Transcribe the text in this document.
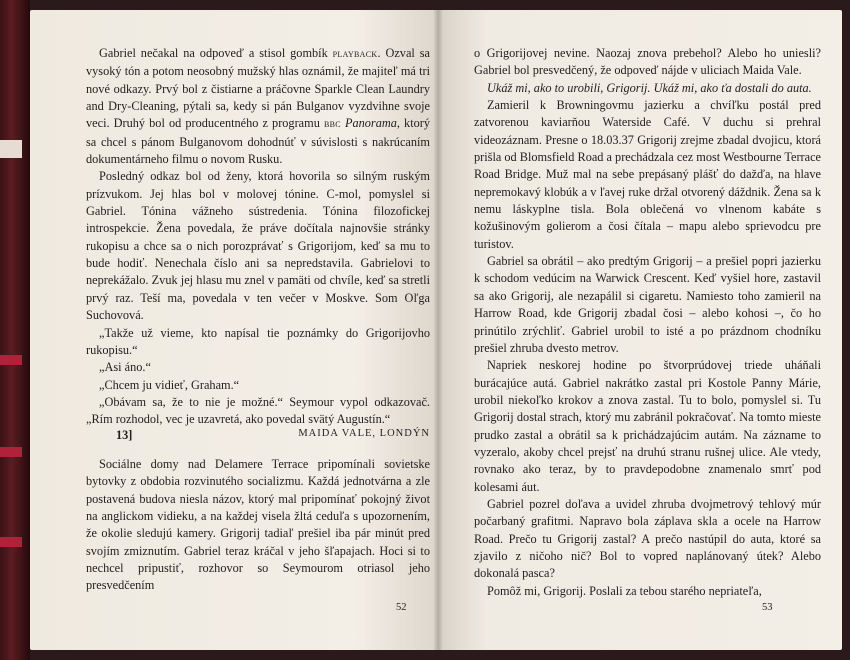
Gabriel nečakal na odpoveď a stisol gombík playback. Ozval sa vysoký tón a potom neosobný mužský hlas oznámil, že majiteľ má tri nové odkazy. Prvý bol z čistiarne a práčovne Sparkle Clean Laundry and Dry-Cleaning, pýtali sa, kedy si pán Bulganov vyzdvihne svoje veci. Druhý bol od producentného z programu bbc Panorama, ktorý sa chcel s pánom Bulganovom dohodnúť v súvislosti s nakrúcaním dokumentárneho filmu o novom Rusku.

Posledný odkaz bol od ženy, ktorá hovorila so silným ruským prízvukom. Jej hlas bol v molovej tónine. C-mol, pomyslel si Gabriel. Tónina vážneho sústredenia. Tónina filozofickej introspekcie. Žena povedala, že práve dočítala najnovšie stránky rukopisu a chce sa o nich porozprávať s Grigorijom, keď sa mu to bude hodiť. Nenechala číslo ani sa nepredstavila. Gabrielovi to neprekážalo. Zvuk jej hlasu mu znel v pamäti od chvíle, keď sa stretli prvý raz. Teší ma, povedala v ten večer v Moskve. Som Oľga Suchovová.

„Takže už vieme, kto napísal tie poznámky do Grigorijovho rukopisu.“

„Asi áno.“

„Chcem ju vidieť, Graham.“

„Obávam sa, že to nie je možné.“ Seymour vypol odkazovač. „Rím rozhodol, vec je uzavretá, ako povedal svätý Augustín.“

13]	MAIDA VALE, LONDÝN

Sociálne domy nad Delamere Terrace pripomínali sovietske bytovky z obdobia rozvinutého socializmu. Každá jednotvárna a zle postavená budova niesla názov, ktorý mal pripomínať pokojný život na anglickom vidieku, a na každej visela žltá ceduľa s upozornením, že okolie sledujú kamery. Grigorij tadiaľ prešiel iba pár minút pred svojím zmiznutím. Gabriel teraz kráčal v jeho šľapajach. Hoci si to nechcel pripustiť, rozhovor so Seymourom otriasol jeho presvedčením

52

o Grigorijovej nevine. Naozaj znova prebehol? Alebo ho uniesli? Gabriel bol presvedčený, že odpoveď nájde v uliciach Maida Vale.

Ukáž mi, ako to urobili, Grigorij. Ukáž mi, ako ťa dostali do auta.

Zamieril k Browningovmu jazierku a chvíľku postál pred zatvorenou kaviarňou Waterside Café. V duchu si prehral videozáznam. Presne o 18.03.37 Grigorij zrejme zbadal dvojicu, ktorá prišla od Blomsfield Road a prechádzala cez most Westbourne Terrace Road Bridge. Muž mal na sebe prepásaný plášť do dažďa, na hlave nepremokavý klobúk a v ľavej ruke držal otvorený dáždnik. Žena sa k nemu láskyplne tisla. Bola oblečená vo vlnenom kabáte s kožušinovým golierom a čosi čítala – mapu alebo sprievodcu pre turistov.

Gabriel sa obrátil – ako predtým Grigorij – a prešiel popri jazierku k schodom vedúcim na Warwick Crescent. Keď vyšiel hore, zastavil sa ako Grigorij, ale nezapálil si cigaretu. Namiesto toho zamieril na Harrow Road, kde Grigorij zbadal čosi – alebo kohosi –, čo ho prinútilo zrýchliť. Gabriel urobil to isté a po prázdnom chodníku prešiel zhruba dvesto metrov.

Napriek neskorej hodine po štvorprúdovej triede uháňali burácajúce autá. Gabriel nakrátko zastal pri Kostole Panny Márie, urobil niekoľko krokov a znova zastal. Tu to bolo, pomyslel si. Tu Grigorij dostal strach, ktorý mu zabránil pokračovať. Na tomto mieste prudko zastal a obrátil sa k prichádzajúcim autám. Na zázname to vyzeralo, akoby chcel prejsť na druhú stranu rušnej ulice. Ale vtedy, rovnako ako teraz, by to pravdepodobne znamenalo smrť pod kolesami áut.

Gabriel pozrel doľava a uvidel zhruba dvojmetrový tehlový múr počarbaný grafitmi. Napravo bola záplava skla a ocele na Harrow Road. Prečo tu Grigorij zastal? A prečo nastúpil do auta, ktoré sa zjavilo z ničoho nič? Bol to vopred naplánovaný útek? Alebo dokonalá pasca?

Pomôž mi, Grigorij. Poslali za tebou starého nepriateľa,

53
